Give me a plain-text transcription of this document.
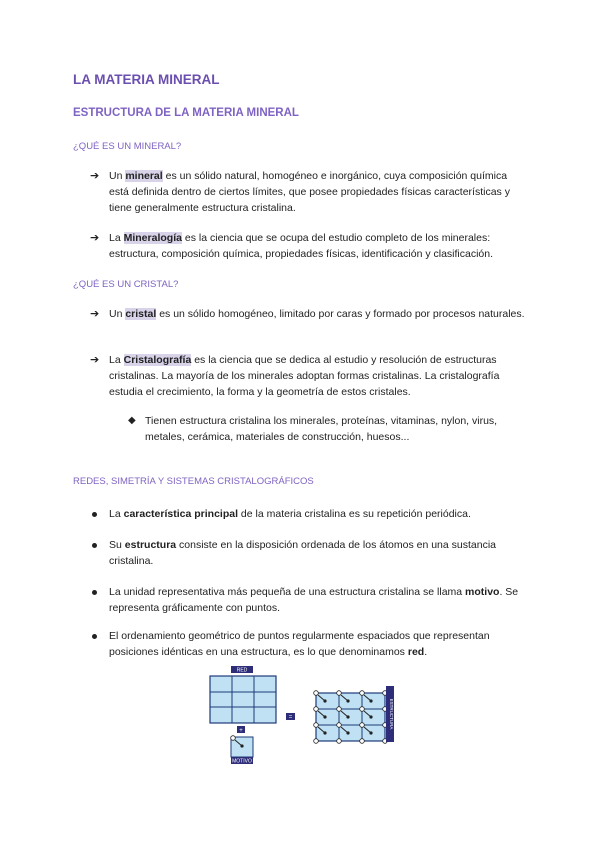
LA MATERIA MINERAL
ESTRUCTURA DE LA MATERIA MINERAL
¿QUÉ ES UN MINERAL?
➔ Un mineral es un sólido natural, homogéneo e inorgánico, cuya composición química está definida dentro de ciertos límites, que posee propiedades físicas características y tiene generalmente estructura cristalina.
➔ La Mineralogía es la ciencia que se ocupa del estudio completo de los minerales: estructura, composición química, propiedades físicas, identificación y clasificación.
¿QUÉ ES UN CRISTAL?
➔ Un cristal es un sólido homogéneo, limitado por caras y formado por procesos naturales.
➔ La Cristalografía es la ciencia que se dedica al estudio y resolución de estructuras cristalinas. La mayoría de los minerales adoptan formas cristalinas. La cristalografía estudia el crecimiento, la forma y la geometría de estos cristales.
◆ Tienen estructura cristalina los minerales, proteínas, vitaminas, nylon, virus, metales, cerámica, materiales de construcción, huesos...
REDES, SIMETRÍA Y SISTEMAS CRISTALOGRÁFICOS
La característica principal de la materia cristalina es su repetición periódica.
Su estructura consiste en la disposición ordenada de los átomos en una sustancia cristalina.
La unidad representativa más pequeña de una estructura cristalina se llama motivo. Se representa gráficamente con puntos.
El ordenamiento geométrico de puntos regularmente espaciados que representan posiciones idénticas en una estructura, es lo que denominamos red.
RED
+
MOTIVO
=	ESTRUCTURA
